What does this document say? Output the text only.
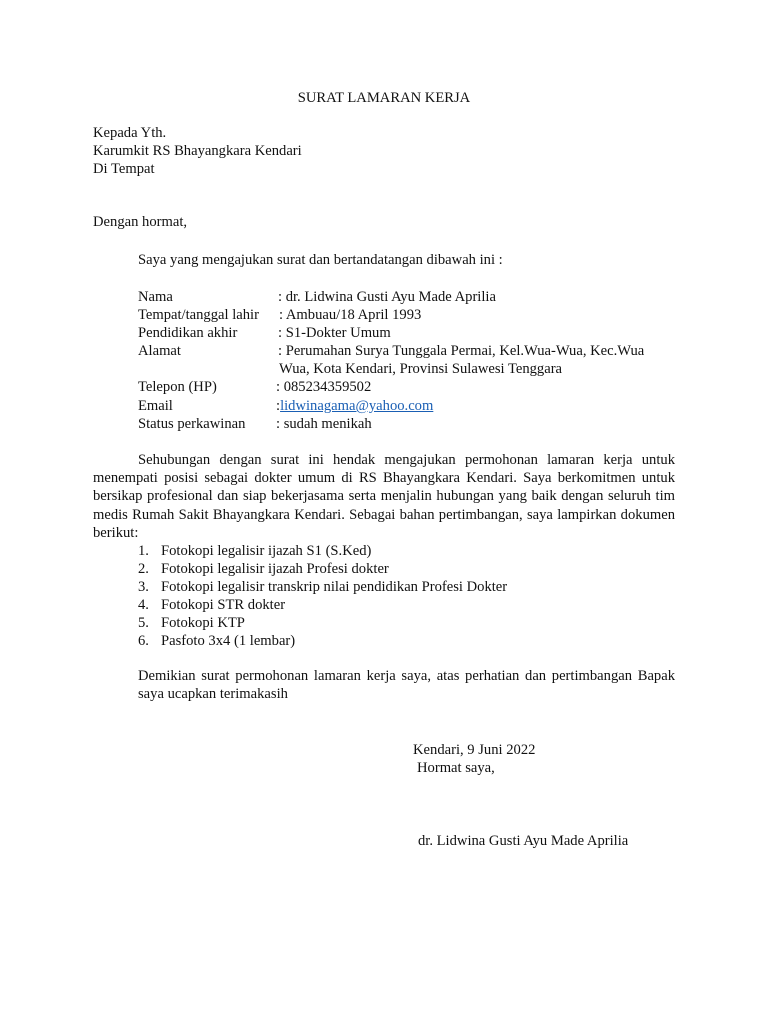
SURAT LAMARAN KERJA
Kepada Yth.
Karumkit RS Bhayangkara Kendari
Di Tempat
Dengan hormat,
Saya yang mengajukan surat dan bertandatangan dibawah ini :
Nama	: dr. Lidwina Gusti Ayu Made Aprilia
Tempat/tanggal lahir : Ambuau/18 April 1993
Pendidikan akhir	: S1-Dokter Umum
Alamat	: Perumahan Surya Tunggala Permai, Kel.Wua-Wua, Kec.Wua
Wua, Kota Kendari, Provinsi Sulawesi Tenggara
Telepon (HP)	: 085234359502
Email	:lidwinagama@yahoo.com
Status perkawinan : sudah menikah
Sehubungan dengan surat ini hendak mengajukan permohonan lamaran kerja untuk menempati posisi sebagai dokter umum di RS Bhayangkara Kendari. Saya berkomitmen untuk bersikap profesional dan siap bekerjasama serta menjalin hubungan yang baik dengan seluruh tim medis Rumah Sakit Bhayangkara Kendari. Sebagai bahan pertimbangan, saya lampirkan dokumen berikut:
1. Fotokopi legalisir ijazah S1 (S.Ked)
2. Fotokopi legalisir ijazah Profesi dokter
3. Fotokopi legalisir transkrip nilai pendidikan Profesi Dokter
4. Fotokopi STR dokter
5. Fotokopi KTP
6. Pasfoto 3x4 (1 lembar)
Demikian surat permohonan lamaran kerja saya, atas perhatian dan pertimbangan Bapak saya ucapkan terimakasih
Kendari, 9 Juni 2022
Hormat saya,
dr. Lidwina Gusti Ayu Made Aprilia
